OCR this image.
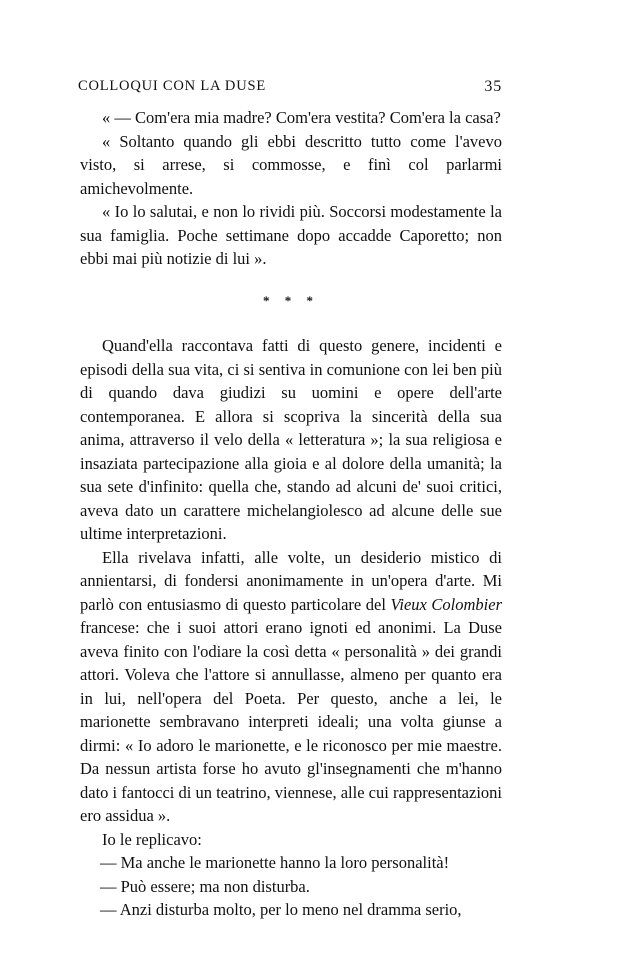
COLLOQUI CON LA DUSE	35

« — Com'era mia madre? Com'era vestita? Com'era la casa?

« Soltanto quando gli ebbi descritto tutto come l'avevo visto, si arrese, si commosse, e finì col parlarmi amichevolmente.

« Io lo salutai, e non lo rividi più. Soccorsi modestamente la sua famiglia. Poche settimane dopo accadde Caporetto; non ebbi mai più notizie di lui ».

* * *

Quand'ella raccontava fatti di questo genere, incidenti e episodi della sua vita, ci si sentiva in comunione con lei ben più di quando dava giudizi su uomini e opere dell'arte contemporanea. E allora si scopriva la sincerità della sua anima, attraverso il velo della « letteratura »; la sua religiosa e insaziata partecipazione alla gioia e al dolore della umanità; la sua sete d'infinito: quella che, stando ad alcuni de' suoi critici, aveva dato un carattere michelangiolesco ad alcune delle sue ultime interpretazioni.

Ella rivelava infatti, alle volte, un desiderio mistico di annientarsi, di fondersi anonimamente in un'opera d'arte. Mi parlò con entusiasmo di questo particolare del Vieux Colombier francese: che i suoi attori erano ignoti ed anonimi. La Duse aveva finito con l'odiare la così detta « personalità » dei grandi attori. Voleva che l'attore si annullasse, almeno per quanto era in lui, nell'opera del Poeta. Per questo, anche a lei, le marionette sembravano interpreti ideali; una volta giunse a dirmi: « Io adoro le marionette, e le riconosco per mie maestre. Da nessun artista forse ho avuto gl'insegnamenti che m'hanno dato i fantocci di un teatrino, viennese, alle cui rappresentazioni ero assidua ».

Io le replicavo:

— Ma anche le marionette hanno la loro personalità!

— Può essere; ma non disturba.

— Anzi disturba molto, per lo meno nel dramma serio,
